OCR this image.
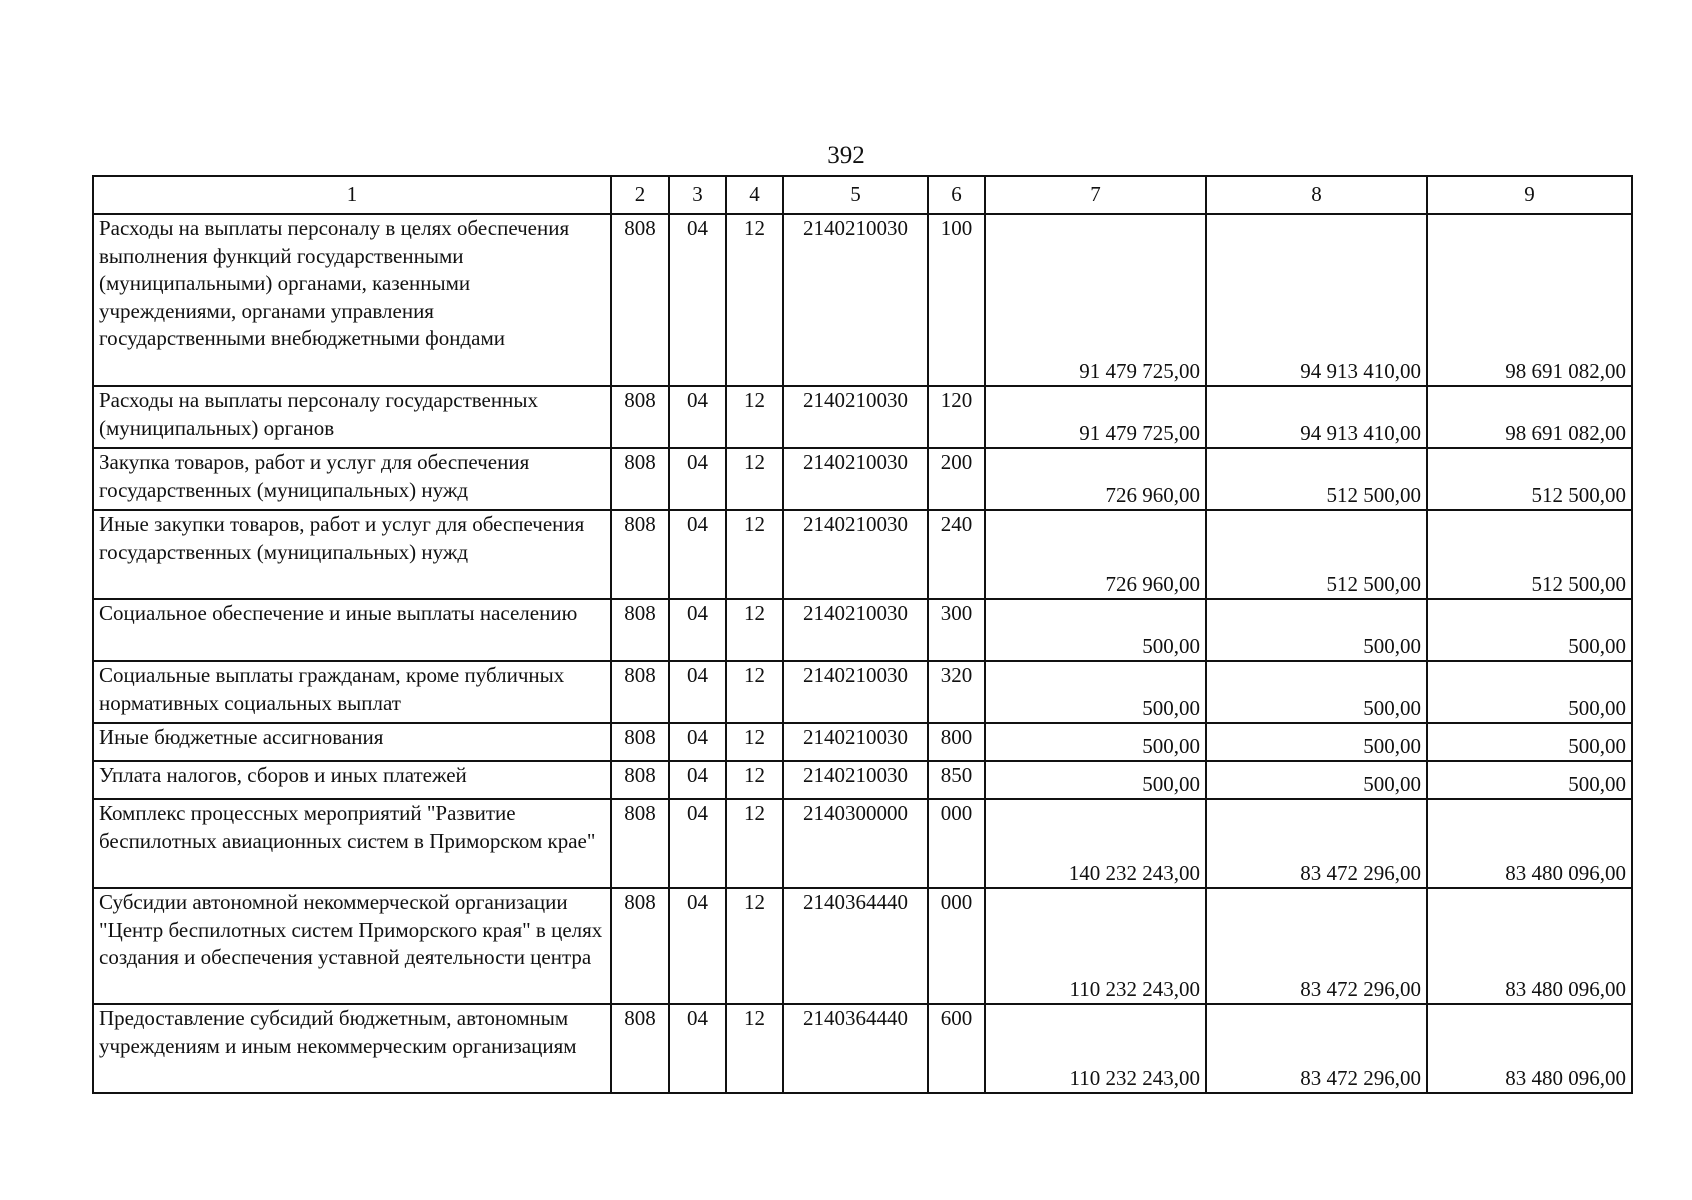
392
1	2	3	4	5	6	7	8	9
Расходы на выплаты персоналу в целях обеспечения выполнения функций государственными (муниципальными) органами, казенными учреждениями, органами управления государственными внебюджетными фондами	808	04	12	2140210030	100	91 479 725,00	94 913 410,00	98 691 082,00
Расходы на выплаты персоналу государственных (муниципальных) органов	808	04	12	2140210030	120	91 479 725,00	94 913 410,00	98 691 082,00
Закупка товаров, работ и услуг для обеспечения государственных (муниципальных) нужд	808	04	12	2140210030	200	726 960,00	512 500,00	512 500,00
Иные закупки товаров, работ и услуг для обеспечения государственных (муниципальных) нужд	808	04	12	2140210030	240	726 960,00	512 500,00	512 500,00
Социальное обеспечение и иные выплаты населению	808	04	12	2140210030	300	500,00	500,00	500,00
Социальные выплаты гражданам, кроме публичных нормативных социальных выплат	808	04	12	2140210030	320	500,00	500,00	500,00
Иные бюджетные ассигнования	808	04	12	2140210030	800	500,00	500,00	500,00
Уплата налогов, сборов и иных платежей	808	04	12	2140210030	850	500,00	500,00	500,00
Комплекс процессных мероприятий "Развитие беспилотных авиационных систем в Приморском крае"	808	04	12	2140300000	000	140 232 243,00	83 472 296,00	83 480 096,00
Субсидии автономной некоммерческой организации "Центр беспилотных систем Приморского края" в целях создания и обеспечения уставной деятельности центра	808	04	12	2140364440	000	110 232 243,00	83 472 296,00	83 480 096,00
Предоставление субсидий бюджетным, автономным учреждениям и иным некоммерческим организациям	808	04	12	2140364440	600	110 232 243,00	83 472 296,00	83 480 096,00
